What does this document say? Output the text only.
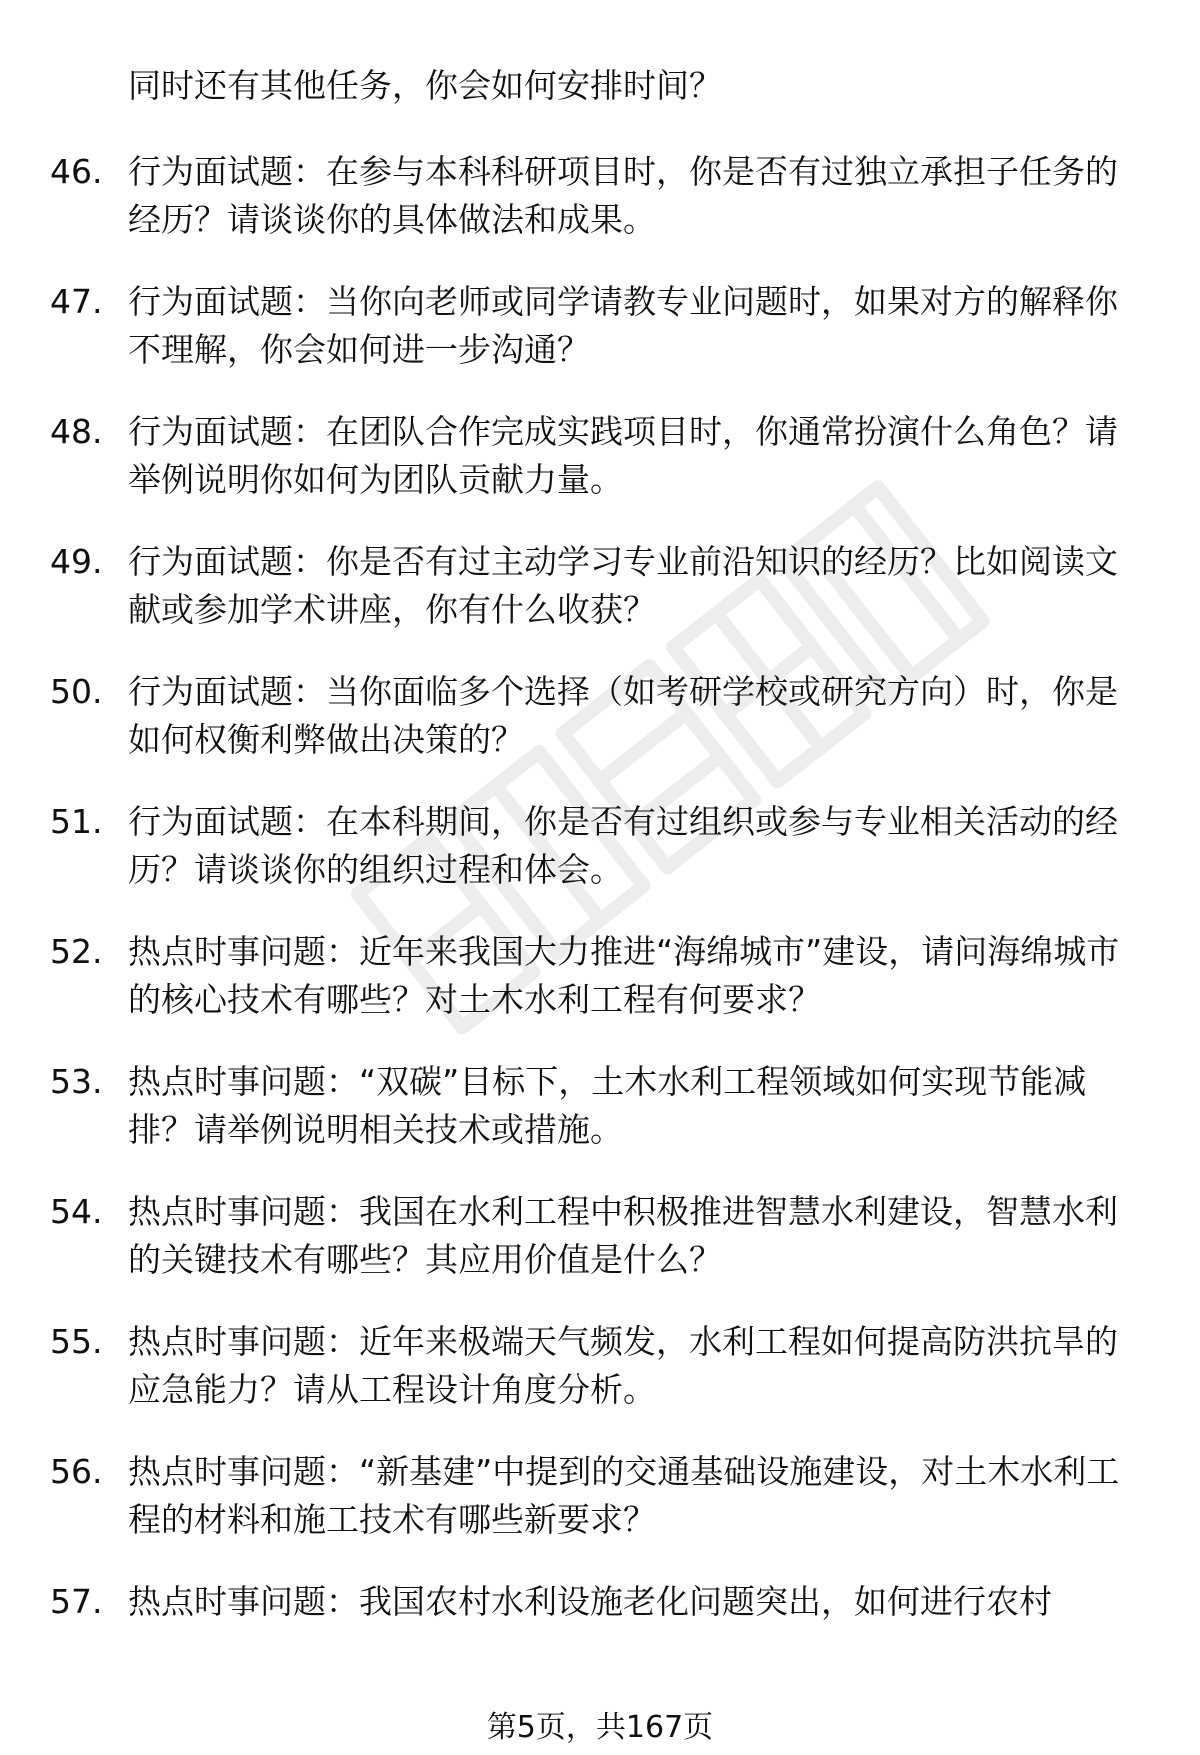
同时还有其他任务，你会如何安排时间？
46. 行为面试题：在参与本科科研项目时，你是否有过独立承担子任务的经历？请谈谈你的具体做法和成果。
47. 行为面试题：当你向老师或同学请教专业问题时，如果对方的解释你不理解，你会如何进一步沟通？
48. 行为面试题：在团队合作完成实践项目时，你通常扮演什么角色？请举例说明你如何为团队贡献力量。
49. 行为面试题：你是否有过主动学习专业前沿知识的经历？比如阅读文献或参加学术讲座，你有什么收获？
50. 行为面试题：当你面临多个选择（如考研学校或研究方向）时，你是如何权衡利弊做出决策的？
51. 行为面试题：在本科期间，你是否有过组织或参与专业相关活动的经历？请谈谈你的组织过程和体会。
52. 热点时事问题：近年来我国大力推进“海绵城市”建设，请问海绵城市的核心技术有哪些？对土木水利工程有何要求？
53. 热点时事问题：“双碳”目标下，土木水利工程领域如何实现节能减排？请举例说明相关技术或措施。
54. 热点时事问题：我国在水利工程中积极推进智慧水利建设，智慧水利的关键技术有哪些？其应用价值是什么？
55. 热点时事问题：近年来极端天气频发，水利工程如何提高防洪抗旱的应急能力？请从工程设计角度分析。
56. 热点时事问题：“新基建”中提到的交通基础设施建设，对土木水利工程的材料和施工技术有哪些新要求？
57. 热点时事问题：我国农村水利设施老化问题突出，如何进行农村
第5页，共167页
